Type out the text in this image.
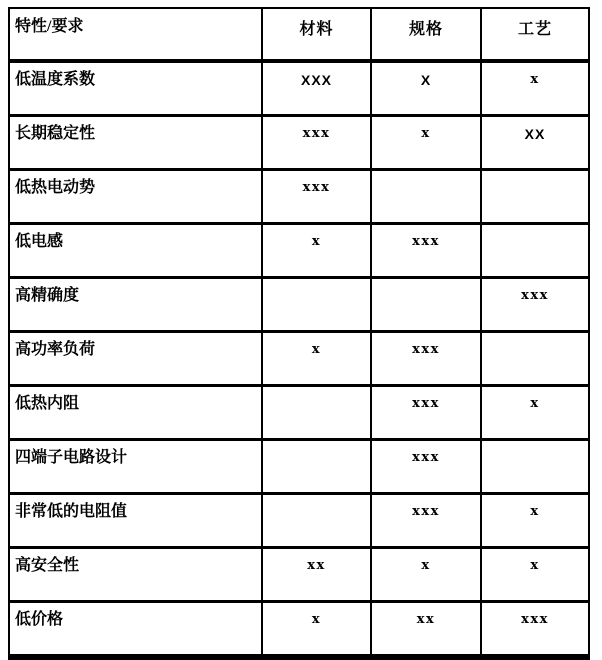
特性/要求	材料	规格	工艺
低温度系数	XXX	X	x
长期稳定性	xxx	x	XX
低热电动势	xxx		
低电感	x	xxx	
高精确度			xxx
高功率负荷	x	xxx	
低热内阻		xxx	x
四端子电路设计		xxx	
非常低的电阻值		xxx	x
高安全性	xx	x	x
低价格	x	xx	xxx
